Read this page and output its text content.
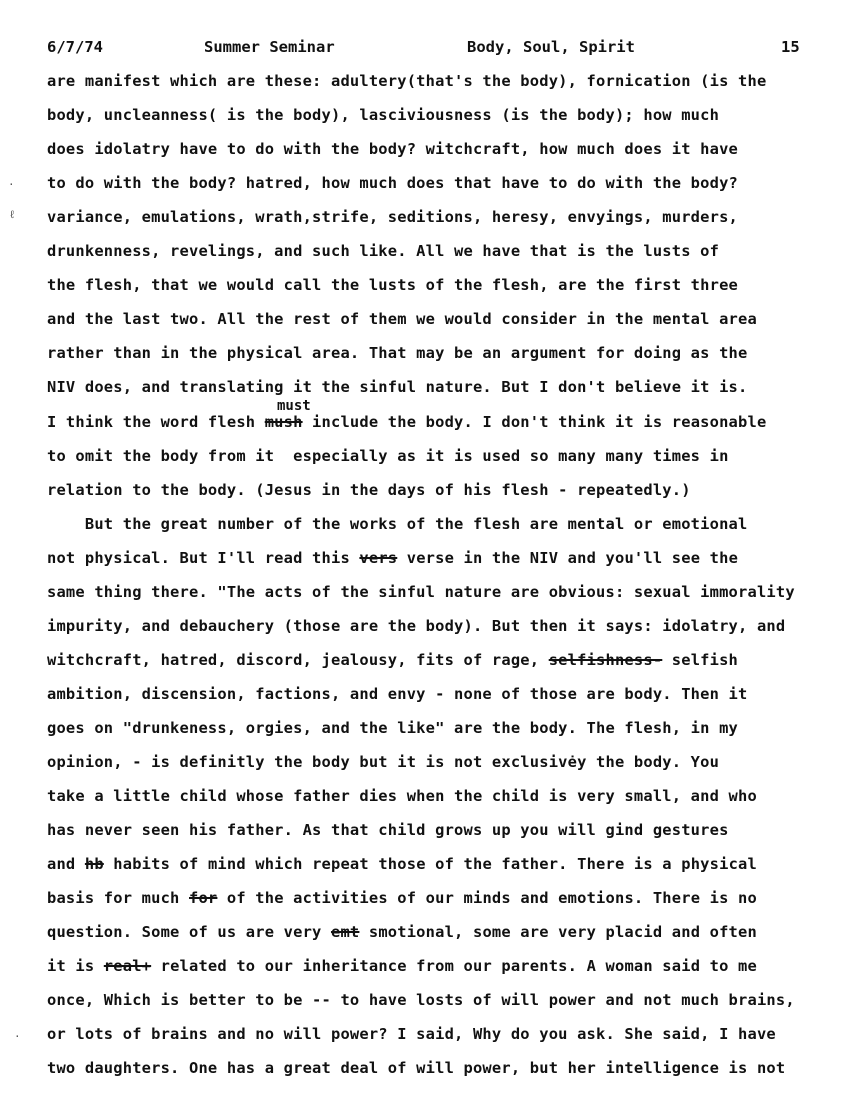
6/7/74	Summer Seminar	Body, Soul, Spirit	15
are manifest which are these: adultery(that's the body), fornication (is the
body, uncleanness( is the body), lasciviousness (is the body); how much
does idolatry have to do with the body? witchcraft, how much does it have
to do with the body? hatred, how much does that have to do with the body?
variance, emulations, wrath,strife, seditions, heresy, envyings, murders,
drunkenness, revelings, and such like. All we have that is the lusts of
the flesh, that we would call the lusts of the flesh, are the first three
and the last two. All the rest of them we would consider in the mental area
rather than in the physical area. That may be an argument for doing as the
NIV does, and translating it the sinful nature. But I don't believe it is.
I think the word flesh mush include the body. I don't think it is reasonable
to omit the body from it  especially as it is used so many many times in
relation to the body. (Jesus in the days of his flesh - repeatedly.)
But the great number of the works of the flesh are mental or emotional
not physical. But I'll read this vers verse in the NIV and you'll see the
same thing there. "The acts of the sinful nature are obvious: sexual immorality
impurity, and debauchery (those are the body). But then it says: idolatry, and
witchcraft, hatred, discord, jealousy, fits of rage, selfishness- selfish
ambition, discension, factions, and envy - none of those are body. Then it
goes on "drunkeness, orgies, and the like" are the body. The flesh, in my
opinion, - is definitly the body but it is not exclusivėy the body. You
take a little child whose father dies when the child is very small, and who
has never seen his father. As that child grows up you will gind gestures
and hb habits of mind which repeat those of the father. There is a physical
basis for much for of the activities of our minds and emotions. There is no
question. Some of us are very emt smotional, some are very placid and often
it is real+ related to our inheritance from our parents. A woman said to me
once, Which is better to be -- to have losts of will power and not much brains,
or lots of brains and no will power? I said, Why do you ask. She said, I have
two daughters. One has a great deal of will power, but her intelligence is not
must
·
ℓ
·
